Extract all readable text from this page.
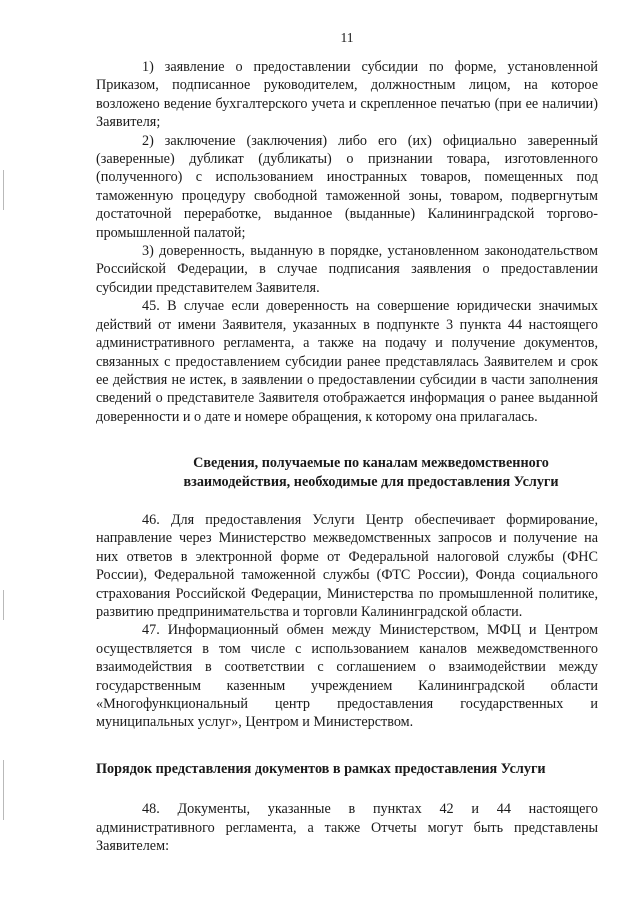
11

1) заявление о предоставлении субсидии по форме, установленной Приказом, подписанное руководителем, должностным лицом, на которое возложено ведение бухгалтерского учета и скрепленное печатью (при ее наличии) Заявителя;

2) заключение (заключения) либо его (их) официально заверенный (заверенные) дубликат (дубликаты) о признании товара, изготовленного (полученного) с использованием иностранных товаров, помещенных под таможенную процедуру свободной таможенной зоны, товаром, подвергнутым достаточной переработке, выданное (выданные) Калининградской торгово-промышленной палатой;

3) доверенность, выданную в порядке, установленном законодательством Российской Федерации, в случае подписания заявления о предоставлении субсидии представителем Заявителя.

45. В случае если доверенность на совершение юридически значимых действий от имени Заявителя, указанных в подпункте 3 пункта 44 настоящего административного регламента, а также на подачу и получение документов, связанных с предоставлением субсидии ранее представлялась Заявителем и срок ее действия не истек, в заявлении о предоставлении субсидии в части заполнения сведений о представителе Заявителя отображается информация о ранее выданной доверенности и о дате и номере обращения, к которому она прилагалась.

Сведения, получаемые по каналам межведомственного взаимодействия, необходимые для предоставления Услуги

46. Для предоставления Услуги Центр обеспечивает формирование, направление через Министерство межведомственных запросов и получение на них ответов в электронной форме от Федеральной налоговой службы (ФНС России), Федеральной таможенной службы (ФТС России), Фонда социального страхования Российской Федерации, Министерства по промышленной политике, развитию предпринимательства и торговли Калининградской области.

47. Информационный обмен между Министерством, МФЦ и Центром осуществляется в том числе с использованием каналов межведомственного взаимодействия в соответствии с соглашением о взаимодействии между государственным казенным учреждением Калининградской области «Многофункциональный центр предоставления государственных и муниципальных услуг», Центром и Министерством.

Порядок представления документов в рамках предоставления Услуги

48. Документы, указанные в пунктах 42 и 44 настоящего административного регламента, а также Отчеты могут быть представлены Заявителем:
